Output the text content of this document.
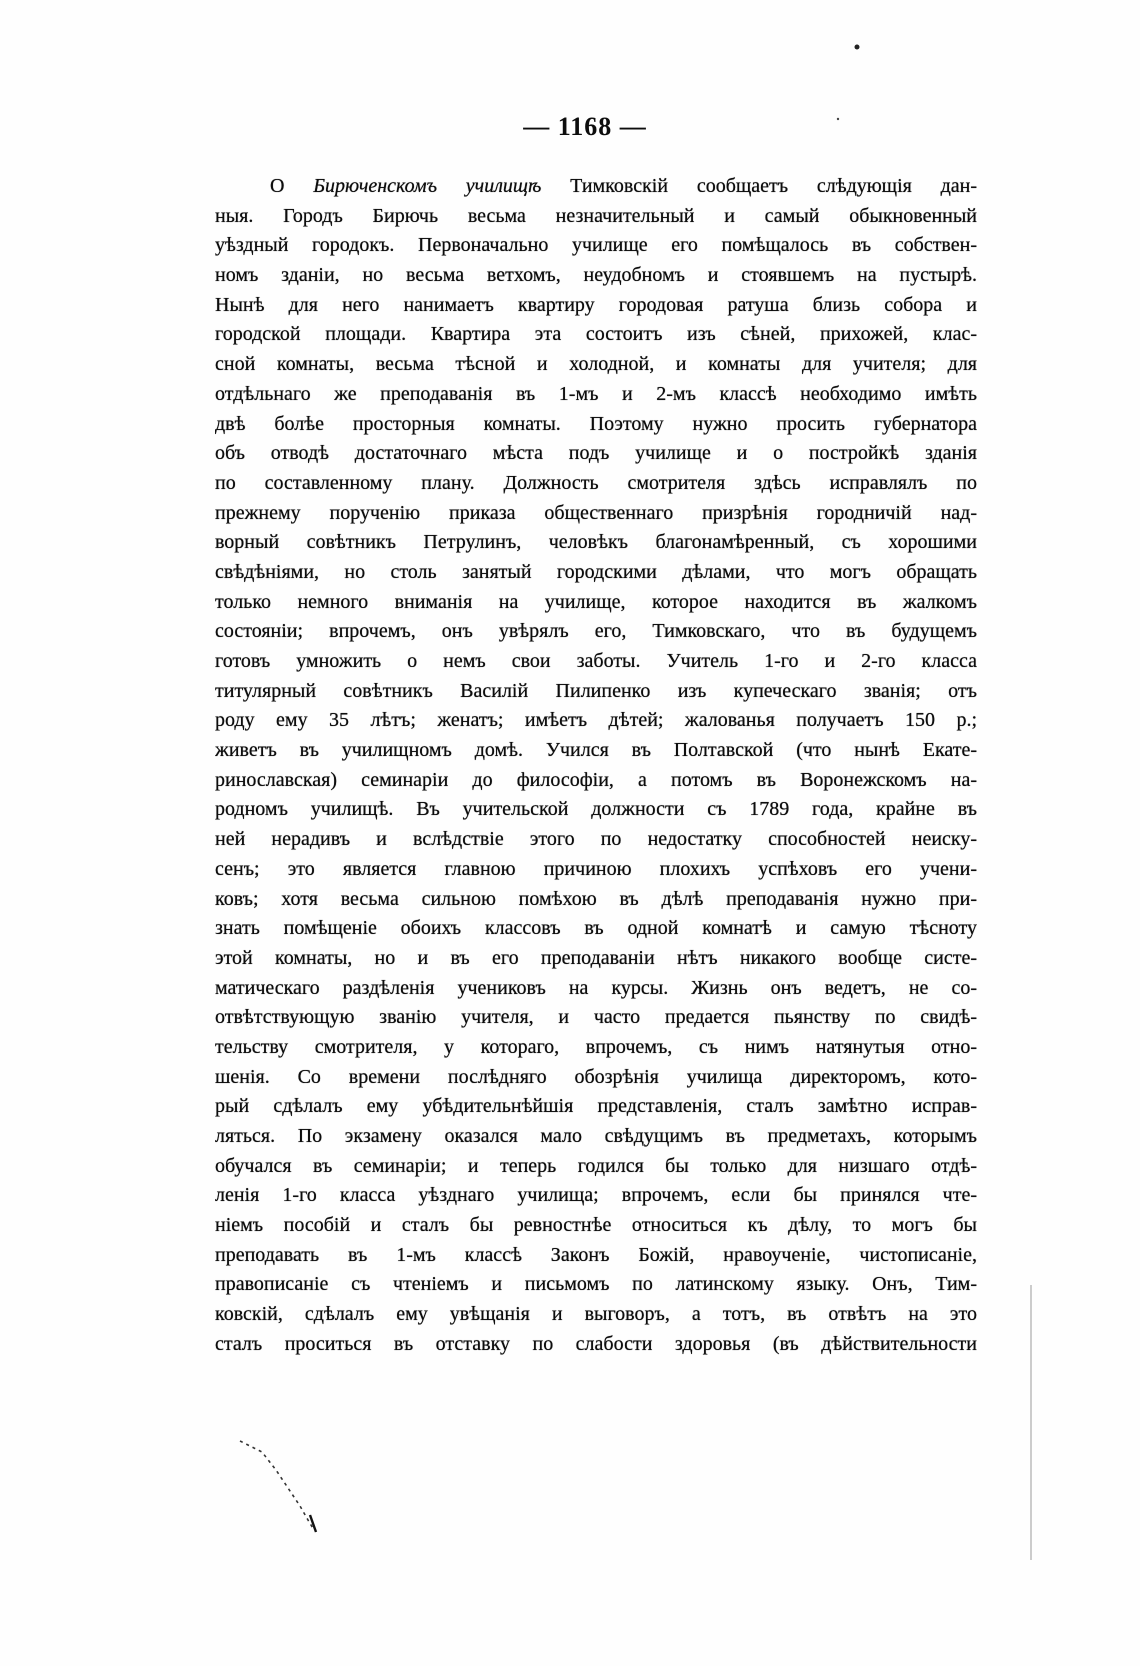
— 1168 —
О Бирюченскомъ училищѣ Тимковскій сообщаетъ слѣдующія дан-
ныя. Городъ Бирючь весьма незначительный и самый обыкновенный
уѣздный городокъ. Первоначально училище его помѣщалось въ собствен-
номъ зданіи, но весьма ветхомъ, неудобномъ и стоявшемъ на пустырѣ.
Нынѣ для него нанимаетъ квартиру городовая ратуша близь собора и
городской площади. Квартира эта состоитъ изъ сѣней, прихожей, клас-
сной комнаты, весьма тѣсной и холодной, и комнаты для учителя; для
отдѣльнаго же преподаванія въ 1-мъ и 2-мъ классѣ необходимо имѣть
двѣ болѣе просторныя комнаты. Поэтому нужно просить губернатора
объ отводѣ достаточнаго мѣста подъ училище и о постройкѣ зданія
по составленному плану. Должность смотрителя здѣсь исправлялъ по
прежнему порученію приказа общественнаго призрѣнія городничій над-
ворный совѣтникъ Петрулинъ, человѣкъ благонамѣренный, съ хорошими
свѣдѣніями, но столь занятый городскими дѣлами, что могъ обращать
только немного вниманія на училище, которое находится въ жалкомъ
состояніи; впрочемъ, онъ увѣрялъ его, Тимковскаго, что въ будущемъ
готовъ умножить о немъ свои заботы. Учитель 1-го и 2-го класса
титулярный совѣтникъ Василій Пилипенко изъ купеческаго званія; отъ
роду ему 35 лѣтъ; женатъ; имѣетъ дѣтей; жалованья получаетъ 150 р.;
живетъ въ училищномъ домѣ. Учился въ Полтавской (что нынѣ Екате-
ринославская) семинаріи до философіи, а потомъ въ Воронежскомъ на-
родномъ училищѣ. Въ учительской должности съ 1789 года, крайне въ
ней нерадивъ и вслѣдствіе этого по недостатку способностей неиску-
сенъ; это является главною причиною плохихъ успѣховъ его учени-
ковъ; хотя весьма сильною помѣхою въ дѣлѣ преподаванія нужно при-
знать помѣщеніе обоихъ классовъ въ одной комнатѣ и самую тѣсноту
этой комнаты, но и въ его преподаваніи нѣтъ никакого вообще систе-
матическаго раздѣленія учениковъ на курсы. Жизнь онъ ведетъ, не со-
отвѣтствующую званію учителя, и часто предается пьянству по свидѣ-
тельству смотрителя, у котораго, впрочемъ, съ нимъ натянутыя отно-
шенія. Со времени послѣдняго обозрѣнія училища директоромъ, кото-
рый сдѣлалъ ему убѣдительнѣйшія представленія, сталъ замѣтно исправ-
ляться. По экзамену оказался мало свѣдущимъ въ предметахъ, которымъ
обучался въ семинаріи; и теперь годился бы только для низшаго отдѣ-
ленія 1-го класса уѣзднаго училища; впрочемъ, если бы принялся чте-
ніемъ пособій и сталъ бы ревностнѣе относиться къ дѣлу, то могъ бы
преподавать въ 1-мъ классѣ Законъ Божій, нравоученіе, чистописаніе,
правописаніе съ чтеніемъ и письмомъ по латинскому языку. Онъ, Тим-
ковскій, сдѣлалъ ему увѣщанія и выговоръ, а тотъ, въ отвѣтъ на это
сталъ проситься въ отставку по слабости здоровья (въ дѣйствительности
